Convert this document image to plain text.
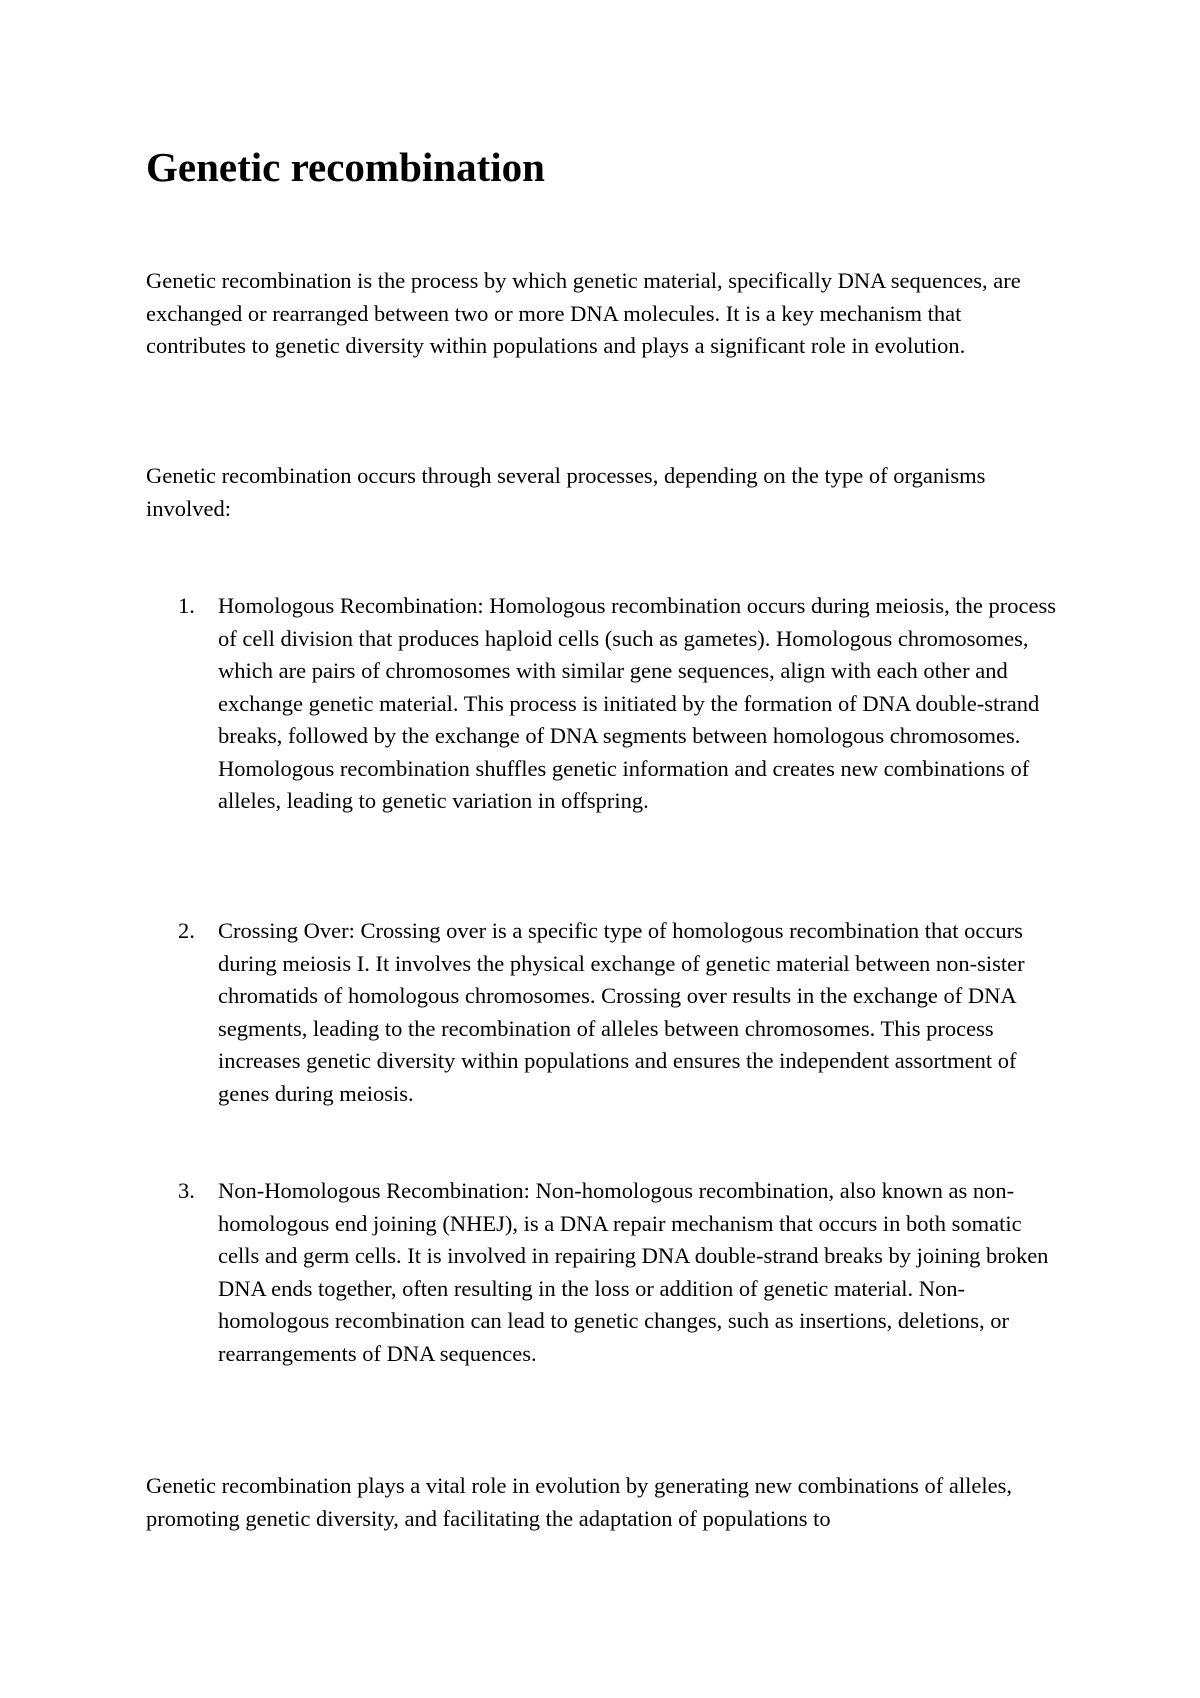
Genetic recombination

Genetic recombination is the process by which genetic material, specifically DNA sequences, are exchanged or rearranged between two or more DNA molecules. It is a key mechanism that contributes to genetic diversity within populations and plays a significant role in evolution.

Genetic recombination occurs through several processes, depending on the type of organisms involved:

1.	Homologous Recombination: Homologous recombination occurs during meiosis, the process of cell division that produces haploid cells (such as gametes). Homologous chromosomes, which are pairs of chromosomes with similar gene sequences, align with each other and exchange genetic material. This process is initiated by the formation of DNA double-strand breaks, followed by the exchange of DNA segments between homologous chromosomes. Homologous recombination shuffles genetic information and creates new combinations of alleles, leading to genetic variation in offspring.
2.	Crossing Over: Crossing over is a specific type of homologous recombination that occurs during meiosis I. It involves the physical exchange of genetic material between non-sister chromatids of homologous chromosomes. Crossing over results in the exchange of DNA segments, leading to the recombination of alleles between chromosomes. This process increases genetic diversity within populations and ensures the independent assortment of genes during meiosis.
3.	Non-Homologous Recombination: Non-homologous recombination, also known as non-homologous end joining (NHEJ), is a DNA repair mechanism that occurs in both somatic cells and germ cells. It is involved in repairing DNA double-strand breaks by joining broken DNA ends together, often resulting in the loss or addition of genetic material. Non-homologous recombination can lead to genetic changes, such as insertions, deletions, or rearrangements of DNA sequences.

Genetic recombination plays a vital role in evolution by generating new combinations of alleles, promoting genetic diversity, and facilitating the adaptation of populations to
